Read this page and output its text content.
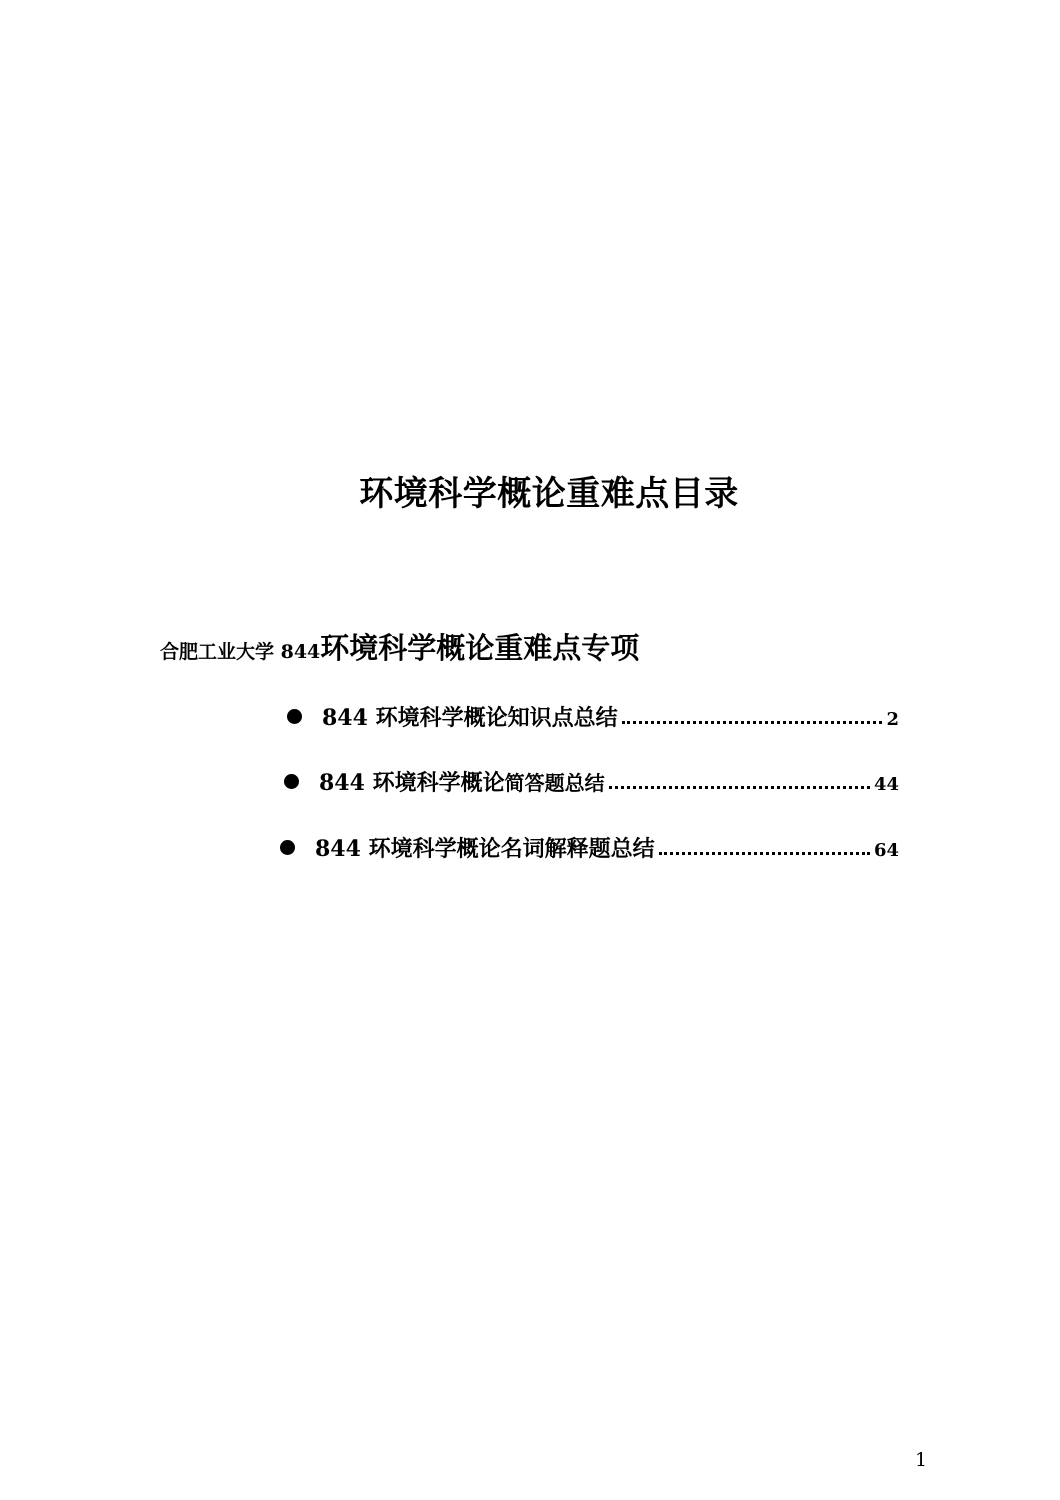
环境科学概论重难点目录
合肥工业大学 844环境科学概论重难点专项
844 环境科学概论知识点总结	2
844 环境科学概论简答题总结	44
844 环境科学概论名词解释题总结	64
1
